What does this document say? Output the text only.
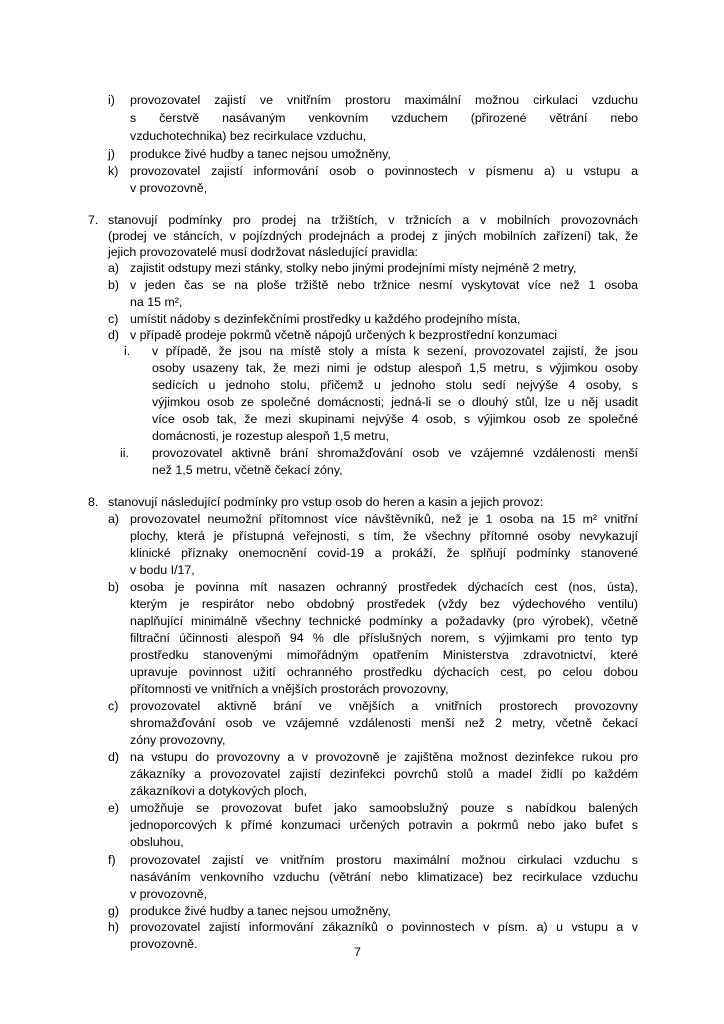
i) provozovatel zajistí ve vnitřním prostoru maximální možnou cirkulaci vzduchu
s čerstvě nasávaným venkovním vzduchem (přirozené větrání nebo
vzduchotechnika) bez recirkulace vzduchu,
j) produkce živé hudby a tanec nejsou umožněny,
k) provozovatel zajistí informování osob o povinnostech v písmenu a) u vstupu a
v provozovně,
7. stanovují podmínky pro prodej na tržištích, v tržnicích a v mobilních provozovnách
(prodej ve stáncích, v pojízdných prodejnách a prodej z jiných mobilních zařízení) tak, že
jejich provozovatelé musí dodržovat následující pravidla:
a) zajistit odstupy mezi stánky, stolky nebo jinými prodejními místy nejméně 2 metry,
b) v jeden čas se na ploše tržiště nebo tržnice nesmí vyskytovat více než 1 osoba
na 15 m²,
c) umístit nádoby s dezinfekčními prostředky u každého prodejního místa,
d) v případě prodeje pokrmů včetně nápojů určených k bezprostřední konzumaci
i. v případě, že jsou na místě stoly a místa k sezení, provozovatel zajistí, že jsou
osoby usazeny tak, že mezi nimi je odstup alespoň 1,5 metru, s výjimkou osoby
sedících u jednoho stolu, přičemž u jednoho stolu sedí nejvýše 4 osoby, s
výjimkou osob ze společné domácnosti; jedná-li se o dlouhý stůl, lze u něj usadit
více osob tak, že mezi skupinami nejvýše 4 osob, s výjimkou osob ze společné
domácnosti, je rozestup alespoň 1,5 metru,
ii. provozovatel aktivně brání shromažďování osob ve vzájemné vzdálenosti menší
než 1,5 metru, včetně čekací zóny,
8. stanovují následující podmínky pro vstup osob do heren a kasin a jejich provoz:
a) provozovatel neumožní přítomnost více návštěvníků, než je 1 osoba na 15 m² vnitřní
plochy, která je přístupná veřejnosti, s tím, že všechny přítomné osoby nevykazují
klinické příznaky onemocnění covid-19 a prokáží, že splňují podmínky stanovené
v bodu I/17,
b) osoba je povinna mít nasazen ochranný prostředek dýchacích cest (nos, ústa),
kterým je respirátor nebo obdobný prostředek (vždy bez výdechového ventilu)
naplňující minimálně všechny technické podmínky a požadavky (pro výrobek), včetně
filtrační účinnosti alespoň 94 % dle příslušných norem, s výjimkami pro tento typ
prostředku stanovenými mimořádným opatřením Ministerstva zdravotnictví, které
upravuje povinnost užití ochranného prostředku dýchacích cest, po celou dobou
přítomnosti ve vnitřních a vnějších prostorách provozovny,
c) provozovatel aktivně brání ve vnějších a vnitřních prostorech provozovny
shromažďování osob ve vzájemné vzdálenosti menší než 2 metry, včetně čekací
zóny provozovny,
d) na vstupu do provozovny a v provozovně je zajištěna možnost dezinfekce rukou pro
zákazníky a provozovatel zajistí dezinfekci povrchů stolů a madel židlí po každém
zákazníkovi a dotykových ploch,
e) umožňuje se provozovat bufet jako samoobslužný pouze s nabídkou balených
jednoporcových k přímé konzumaci určených potravin a pokrmů nebo jako bufet s
obsluhou,
f) provozovatel zajistí ve vnitřním prostoru maximální možnou cirkulaci vzduchu s
nasáváním venkovního vzduchu (větrání nebo klimatizace) bez recirkulace vzduchu
v provozovně,
g) produkce živé hudby a tanec nejsou umožněny,
h) provozovatel zajistí informování zákazníků o povinnostech v písm. a) u vstupu a v
provozovně.
7
